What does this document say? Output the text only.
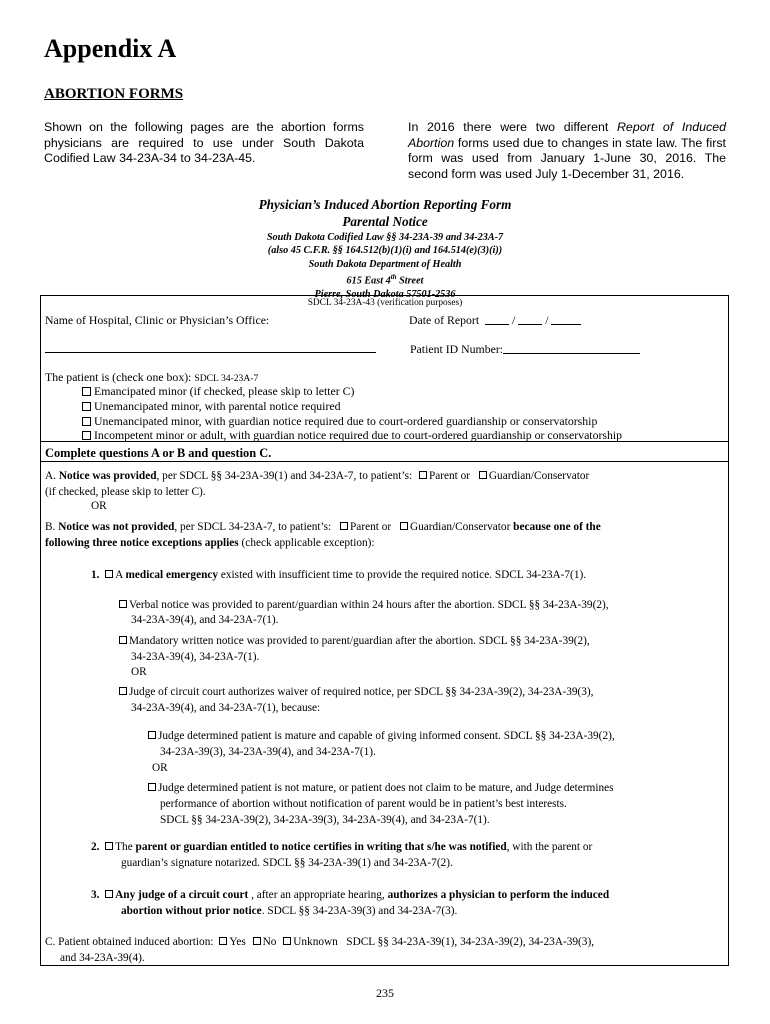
Appendix A
ABORTION FORMS
Shown on the following pages are the abortion forms physicians are required to use under South Dakota Codified Law 34-23A-34 to 34-23A-45.
In 2016 there were two different Report of Induced Abortion forms used due to changes in state law. The first form was used from January 1-June 30, 2016. The second form was used July 1-December 31, 2016.
Physician’s Induced Abortion Reporting Form
Parental Notice
South Dakota Codified Law §§ 34-23A-39 and 34-23A-7
(also 45 C.F.R. §§ 164.512(b)(1)(i) and 164.514(e)(3)(i))
South Dakota Department of Health
615 East 4th Street
Pierre, South Dakota 57501-2536
SDCL 34-23A-43 (verification purposes)
Name of Hospital, Clinic or Physician’s Office:	Date of Report	/	/
Patient ID Number:
The patient is (check one box): SDCL 34-23A-7
Emancipated minor (if checked, please skip to letter C)
Unemancipated minor, with parental notice required
Unemancipated minor, with guardian notice required due to court-ordered guardianship or conservatorship
Incompetent minor or adult, with guardian notice required due to court-ordered guardianship or conservatorship
Complete questions A or B and question C.
A. Notice was provided, per SDCL §§ 34-23A-39(1) and 34-23A-7, to patient’s: Parent or Guardian/Conservator
(if checked, please skip to letter C).
OR
B. Notice was not provided, per SDCL 34-23A-7, to patient’s: Parent or Guardian/Conservator because one of the
following three notice exceptions applies (check applicable exception):
1. A medical emergency existed with insufficient time to provide the required notice. SDCL 34-23A-7(1).
Verbal notice was provided to parent/guardian within 24 hours after the abortion. SDCL §§ 34-23A-39(2),
34-23A-39(4), and 34-23A-7(1).
Mandatory written notice was provided to parent/guardian after the abortion. SDCL §§ 34-23A-39(2),
34-23A-39(4), 34-23A-7(1).
OR
Judge of circuit court authorizes waiver of required notice, per SDCL §§ 34-23A-39(2), 34-23A-39(3),
34-23A-39(4), and 34-23A-7(1), because:
Judge determined patient is mature and capable of giving informed consent. SDCL §§ 34-23A-39(2),
34-23A-39(3), 34-23A-39(4), and 34-23A-7(1).
OR
Judge determined patient is not mature, or patient does not claim to be mature, and Judge determines
performance of abortion without notification of parent would be in patient’s best interests.
SDCL §§ 34-23A-39(2), 34-23A-39(3), 34-23A-39(4), and 34-23A-7(1).
2. The parent or guardian entitled to notice certifies in writing that s/he was notified, with the parent or
guardian’s signature notarized. SDCL §§ 34-23A-39(1) and 34-23A-7(2).
3. Any judge of a circuit court , after an appropriate hearing, authorizes a physician to perform the induced
abortion without prior notice. SDCL §§ 34-23A-39(3) and 34-23A-7(3).
C. Patient obtained induced abortion: Yes No Unknown SDCL §§ 34-23A-39(1), 34-23A-39(2), 34-23A-39(3),
and 34-23A-39(4).
235
